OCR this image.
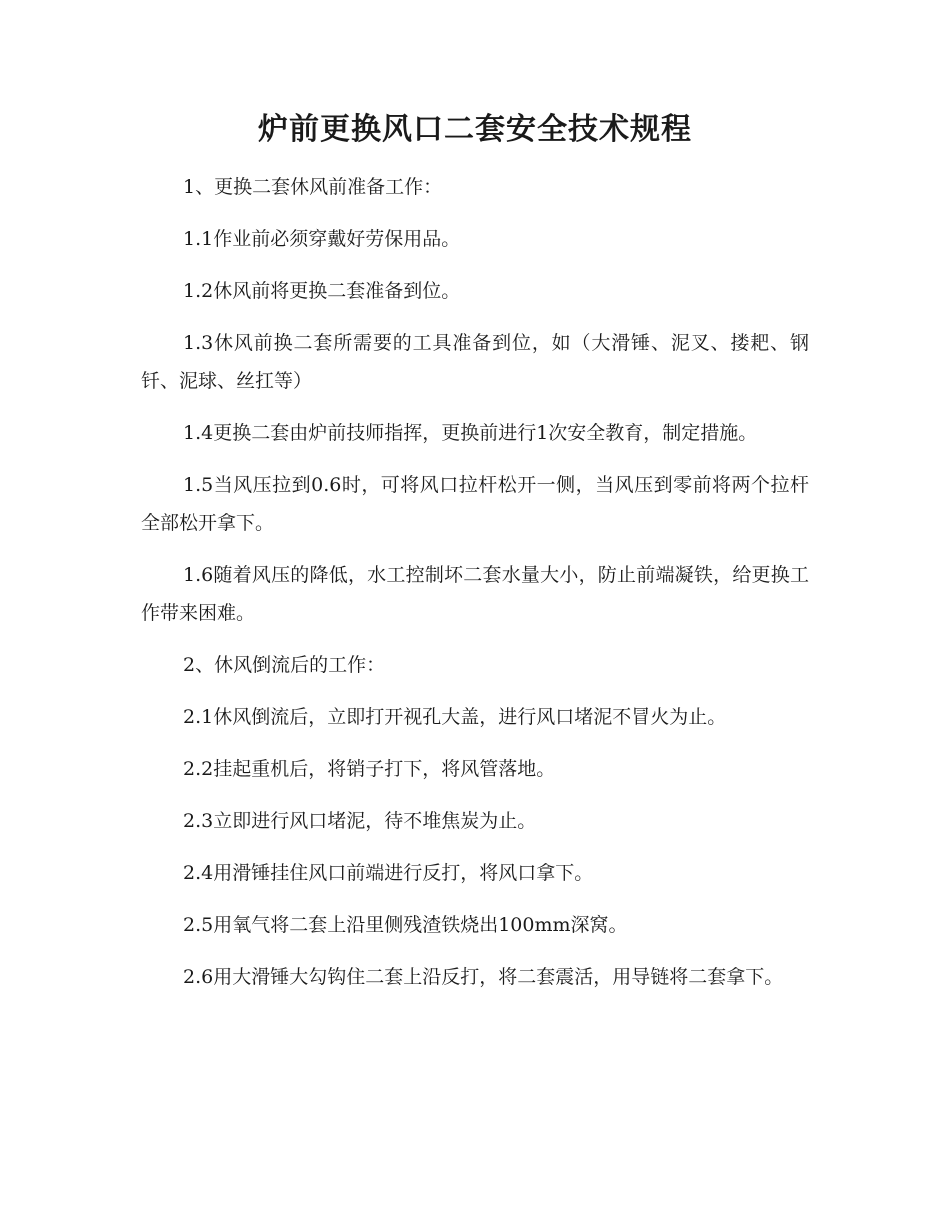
炉前更换风口二套安全技术规程

1、更换二套休风前准备工作：

1.1作业前必须穿戴好劳保用品。

1.2休风前将更换二套准备到位。

1.3休风前换二套所需要的工具准备到位，如（大滑锤、泥叉、搂耙、钢钎、泥球、丝扛等）

1.4更换二套由炉前技师指挥，更换前进行1次安全教育，制定措施。

1.5当风压拉到0.6时，可将风口拉杆松开一侧，当风压到零前将两个拉杆全部松开拿下。

1.6随着风压的降低，水工控制坏二套水量大小，防止前端凝铁，给更换工作带来困难。

2、休风倒流后的工作：

2.1休风倒流后，立即打开视孔大盖，进行风口堵泥不冒火为止。

2.2挂起重机后，将销子打下，将风管落地。

2.3立即进行风口堵泥，待不堆焦炭为止。

2.4用滑锤挂住风口前端进行反打，将风口拿下。

2.5用氧气将二套上沿里侧残渣铁烧出100mm深窝。

2.6用大滑锤大勾钩住二套上沿反打，将二套震活，用导链将二套拿下。
